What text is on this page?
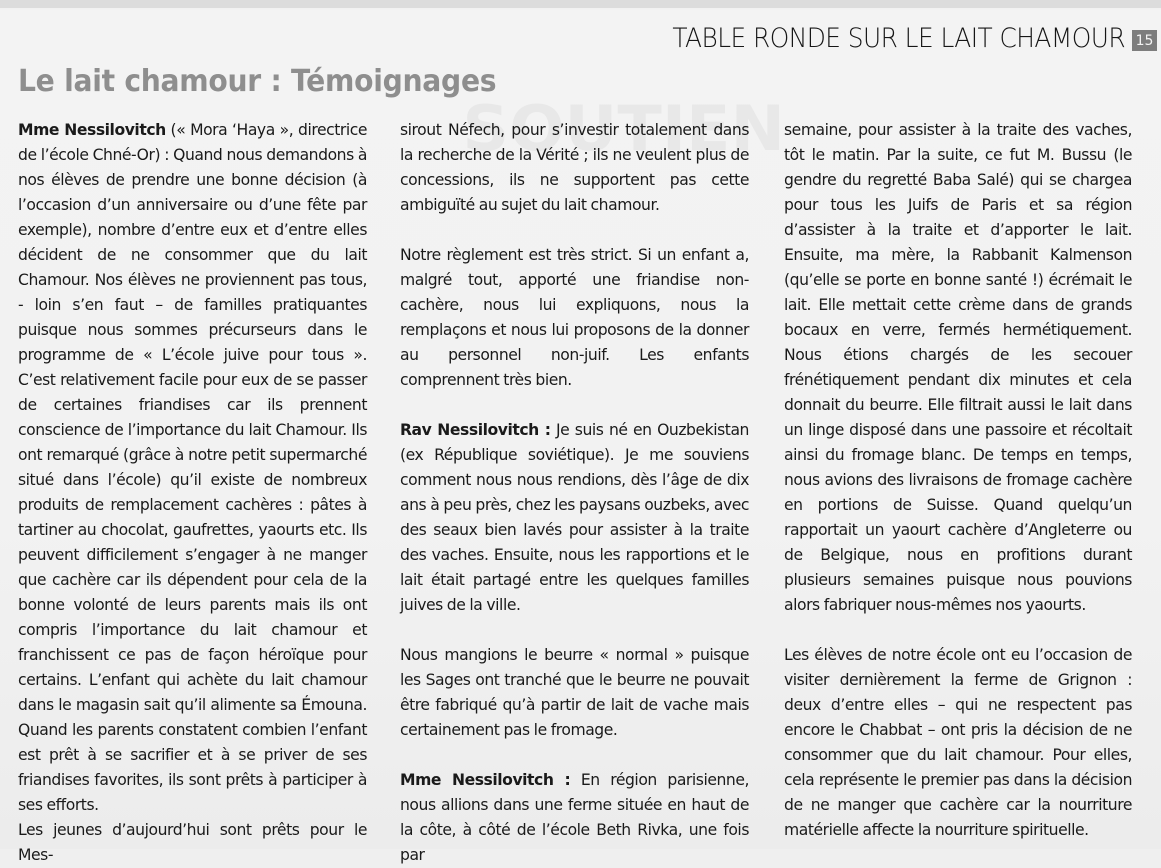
TABLE RONDE SUR LE LAIT CHAMOUR 15
Le lait chamour : Témoignages

Mme Nessilovitch (« Mora ‘Haya », directrice de l’école Chné-Or) : Quand nous demandons à nos élèves de prendre une bonne décision (à l’occasion d’un anniversaire ou d’une fête par exemple), nombre d’entre eux et d’entre elles décident de ne consommer que du lait Chamour. Nos élèves ne proviennent pas tous, - loin s’en faut – de familles pratiquantes puisque nous sommes précurseurs dans le programme de « L’école juive pour tous ». C’est relativement facile pour eux de se passer de certaines friandises car ils prennent conscience de l’importance du lait Chamour. Ils ont remarqué (grâce à notre petit supermarché situé dans l’école) qu’il existe de nombreux produits de remplacement cachères : pâtes à tartiner au chocolat, gaufrettes, yaourts etc. Ils peuvent difficilement s’engager à ne manger que cachère car ils dépendent pour cela de la bonne volonté de leurs parents mais ils ont compris l’importance du lait chamour et franchissent ce pas de façon héroïque pour certains. L’enfant qui achète du lait chamour dans le magasin sait qu’il alimente sa Émouna. Quand les parents constatent combien l’enfant est prêt à se sacrifier et à se priver de ses friandises favorites, ils sont prêts à participer à ses efforts.

Les jeunes d’aujourd’hui sont prêts pour le Mes-

sirout Néfech, pour s’investir totalement dans la recherche de la Vérité ; ils ne veulent plus de concessions, ils ne supportent pas cette ambiguïté au sujet du lait chamour.

Notre règlement est très strict. Si un enfant a, malgré tout, apporté une friandise non-cachère, nous lui expliquons, nous la remplaçons et nous lui proposons de la donner au personnel non-juif. Les enfants comprennent très bien.

Rav Nessilovitch : Je suis né en Ouzbekistan (ex République soviétique). Je me souviens comment nous nous rendions, dès l’âge de dix ans à peu près, chez les paysans ouzbeks, avec des seaux bien lavés pour assister à la traite des vaches. Ensuite, nous les rapportions et le lait était partagé entre les quelques familles juives de la ville.

Nous mangions le beurre « normal » puisque les Sages ont tranché que le beurre ne pouvait être fabriqué qu’à partir de lait de vache mais certainement pas le fromage.

Mme Nessilovitch : En région parisienne, nous allions dans une ferme située en haut de la côte, à côté de l’école Beth Rivka, une fois par

semaine, pour assister à la traite des vaches, tôt le matin. Par la suite, ce fut M. Bussu (le gendre du regretté Baba Salé) qui se chargea pour tous les Juifs de Paris et sa région d’assister à la traite et d’apporter le lait. Ensuite, ma mère, la Rabbanit Kalmenson (qu’elle se porte en bonne santé !) écrémait le lait. Elle mettait cette crème dans de grands bocaux en verre, fermés hermétiquement. Nous étions chargés de les secouer frénétiquement pendant dix minutes et cela donnait du beurre. Elle filtrait aussi le lait dans un linge disposé dans une passoire et récoltait ainsi du fromage blanc. De temps en temps, nous avions des livraisons de fromage cachère en portions de Suisse. Quand quelqu’un rapportait un yaourt cachère d’Angleterre ou de Belgique, nous en profitions durant plusieurs semaines puisque nous pouvions alors fabriquer nous-mêmes nos yaourts.

Les élèves de notre école ont eu l’occasion de visiter dernièrement la ferme de Grignon : deux d’entre elles – qui ne respectent pas encore le Chabbat – ont pris la décision de ne consommer que du lait chamour. Pour elles, cela représente le premier pas dans la décision de ne manger que cachère car la nourriture matérielle affecte la nourriture spirituelle.
